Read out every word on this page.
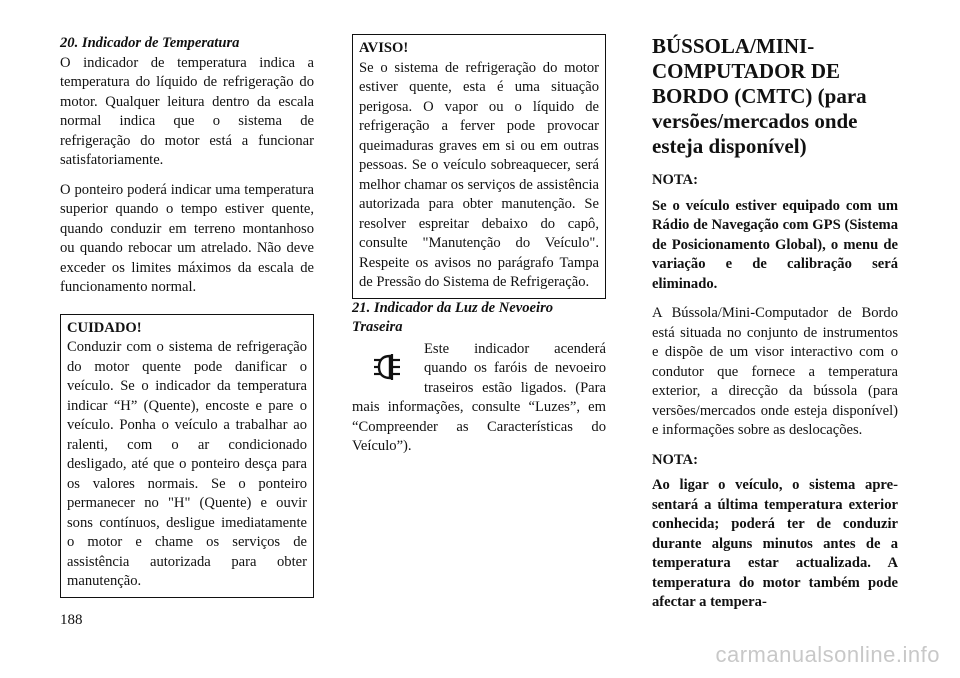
20. Indicador de Temperatura

O indicador de temperatura indica a temperatura do líquido de refrigeração do motor. Qualquer leitura dentro da escala normal indica que o sistema de refrigeração do motor está a funcionar satisfatoriamente.

O ponteiro poderá indicar uma temperatura superior quando o tempo estiver quente, quando conduzir em terreno montanhoso ou quando rebocar um atrelado. Não deve exceder os limites máximos da escala de funcionamento normal.

CUIDADO!

Conduzir com o sistema de refrigeração do motor quente pode danificar o veículo. Se o indicador da temperatura indicar “H” (Quente), encoste e pare o veículo. Ponha o veículo a trabalhar ao ralenti, com o ar condicionado desligado, até que o ponteiro desça para os valores normais. Se o ponteiro permanecer no "H" (Quente) e ouvir sons contínuos, desligue imediatamente o motor e chame os serviços de assistência autorizada para obter manutenção.

AVISO!

Se o sistema de refrigeração do motor estiver quente, esta é uma situação perigosa. O vapor ou o líquido de refrigeração a ferver pode provocar queimaduras graves em si ou em outras pessoas. Se o veículo sobreaquecer, será melhor chamar os serviços de assistência autorizada para obter manutenção. Se resolver espreitar debaixo do capô, consulte "Manutenção do Veículo". Respeite os avisos no parágrafo Tampa de Pressão do Sistema de Refrigeração.

21. Indicador da Luz de Nevoeiro Traseira

Este indicador acenderá quando os faróis de nevoeiro traseiros estão ligados. (Para mais informações, consulte “Luzes”, em “Compreender as Características do Veículo”).

BÚSSOLA/MINI-COMPUTADOR DE BORDO (CMTC) (para versões/mercados onde esteja disponível)

NOTA:

Se o veículo estiver equipado com um Rádio de Navegação com GPS (Sistema de Posicionamento Global), o menu de variação e de calibração será eliminado.

A Bússola/Mini-Computador de Bordo está situada no conjunto de instrumentos e dispõe de um visor interactivo com o condutor que fornece a temperatura exterior, a direcção da bússola (para versões/mercados onde esteja disponível) e informações sobre as deslocações.

NOTA:

Ao ligar o veículo, o sistema apresentará a última temperatura exterior conhecida; poderá ter de conduzir durante alguns minutos antes de a temperatura estar actualizada. A temperatura do motor também pode afectar a tempera-

188
carmanualsonline.info
